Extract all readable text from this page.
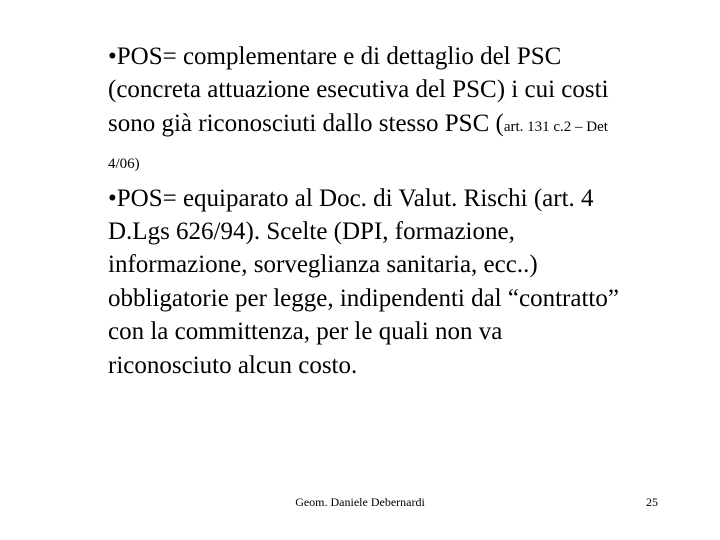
•POS= complementare e di dettaglio del PSC (concreta attuazione esecutiva del PSC) i cui costi sono già riconosciuti dallo stesso PSC (art. 131 c.2 – Det 4/06)

•POS= equiparato al Doc. di Valut. Rischi (art. 4 D.Lgs 626/94). Scelte (DPI, formazione, informazione, sorveglianza sanitaria, ecc..) obbligatorie per legge, indipendenti dal “contratto” con la committenza, per le quali non va riconosciuto alcun costo.

Geom. Daniele Debernardi	25
